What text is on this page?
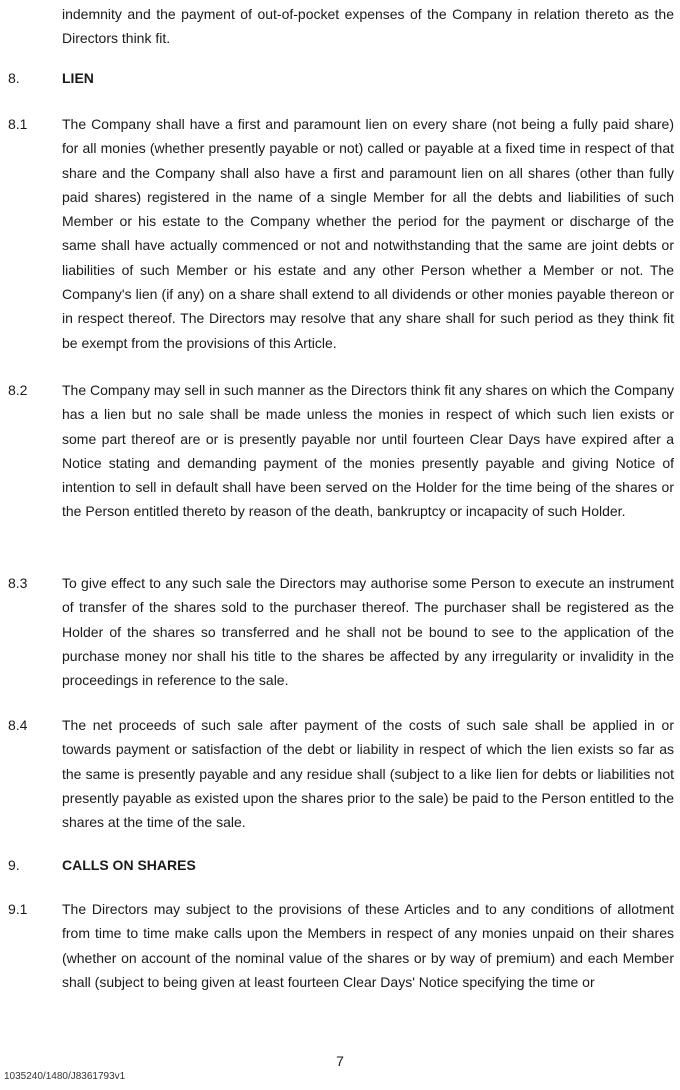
indemnity and the payment of out-of-pocket expenses of the Company in relation thereto as the Directors think fit.
8.	LIEN
8.1 The Company shall have a first and paramount lien on every share (not being a fully paid share) for all monies (whether presently payable or not) called or payable at a fixed time in respect of that share and the Company shall also have a first and paramount lien on all shares (other than fully paid shares) registered in the name of a single Member for all the debts and liabilities of such Member or his estate to the Company whether the period for the payment or discharge of the same shall have actually commenced or not and notwithstanding that the same are joint debts or liabilities of such Member or his estate and any other Person whether a Member or not. The Company's lien (if any) on a share shall extend to all dividends or other monies payable thereon or in respect thereof. The Directors may resolve that any share shall for such period as they think fit be exempt from the provisions of this Article.
8.2 The Company may sell in such manner as the Directors think fit any shares on which the Company has a lien but no sale shall be made unless the monies in respect of which such lien exists or some part thereof are or is presently payable nor until fourteen Clear Days have expired after a Notice stating and demanding payment of the monies presently payable and giving Notice of intention to sell in default shall have been served on the Holder for the time being of the shares or the Person entitled thereto by reason of the death, bankruptcy or incapacity of such Holder.
8.3 To give effect to any such sale the Directors may authorise some Person to execute an instrument of transfer of the shares sold to the purchaser thereof. The purchaser shall be registered as the Holder of the shares so transferred and he shall not be bound to see to the application of the purchase money nor shall his title to the shares be affected by any irregularity or invalidity in the proceedings in reference to the sale.
8.4 The net proceeds of such sale after payment of the costs of such sale shall be applied in or towards payment or satisfaction of the debt or liability in respect of which the lien exists so far as the same is presently payable and any residue shall (subject to a like lien for debts or liabilities not presently payable as existed upon the shares prior to the sale) be paid to the Person entitled to the shares at the time of the sale.
9.	CALLS ON SHARES
9.1 The Directors may subject to the provisions of these Articles and to any conditions of allotment from time to time make calls upon the Members in respect of any monies unpaid on their shares (whether on account of the nominal value of the shares or by way of premium) and each Member shall (subject to being given at least fourteen Clear Days' Notice specifying the time or
7
1035240/1480/J8361793v1
